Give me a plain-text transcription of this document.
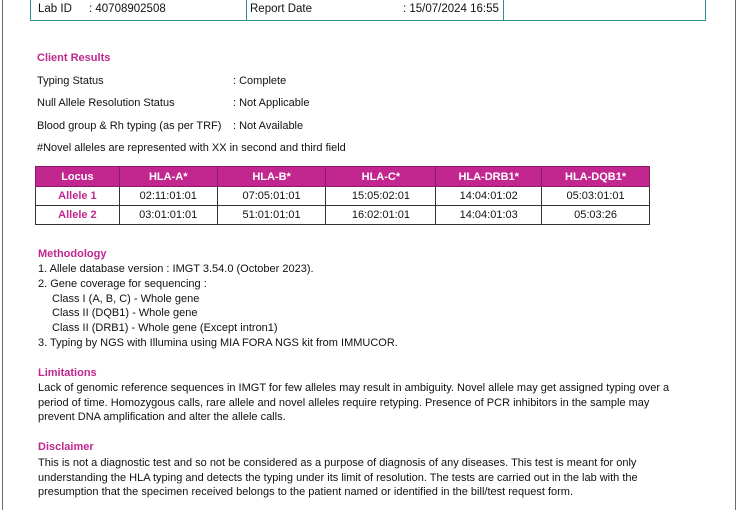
Lab ID : 40708902508	Report Date	: 15/07/2024 16:55
Client Results
Typing Status	: Complete
Null Allele Resolution Status	: Not Applicable
Blood group & Rh typing (as per TRF) : Not Available
#Novel alleles are represented with XX in second and third field
Locus	HLA-A*	HLA-B*	HLA-C*	HLA-DRB1*	HLA-DQB1*
Allele 1	02:11:01:01	07:05:01:01	15:05:02:01	14:04:01:02	05:03:01:01
Allele 2	03:01:01:01	51:01:01:01	16:02:01:01	14:04:01:03	05:03:26
Methodology
1. Allele database version : IMGT 3.54.0 (October 2023).
2. Gene coverage for sequencing :
Class I (A, B, C) - Whole gene
Class II (DQB1) - Whole gene
Class II (DRB1) - Whole gene (Except intron1)
3. Typing by NGS with Illumina using MIA FORA NGS kit from IMMUCOR.
Limitations
Lack of genomic reference sequences in IMGT for few alleles may result in ambiguity. Novel allele may get assigned typing over a period of time. Homozygous calls, rare allele and novel alleles require retyping. Presence of PCR inhibitors in the sample may prevent DNA amplification and alter the allele calls.
Disclaimer
This is not a diagnostic test and so not be considered as a purpose of diagnosis of any diseases. This test is meant for only understanding the HLA typing and detects the typing under its limit of resolution. The tests are carried out in the lab with the presumption that the specimen received belongs to the patient named or identified in the bill/test request form.
